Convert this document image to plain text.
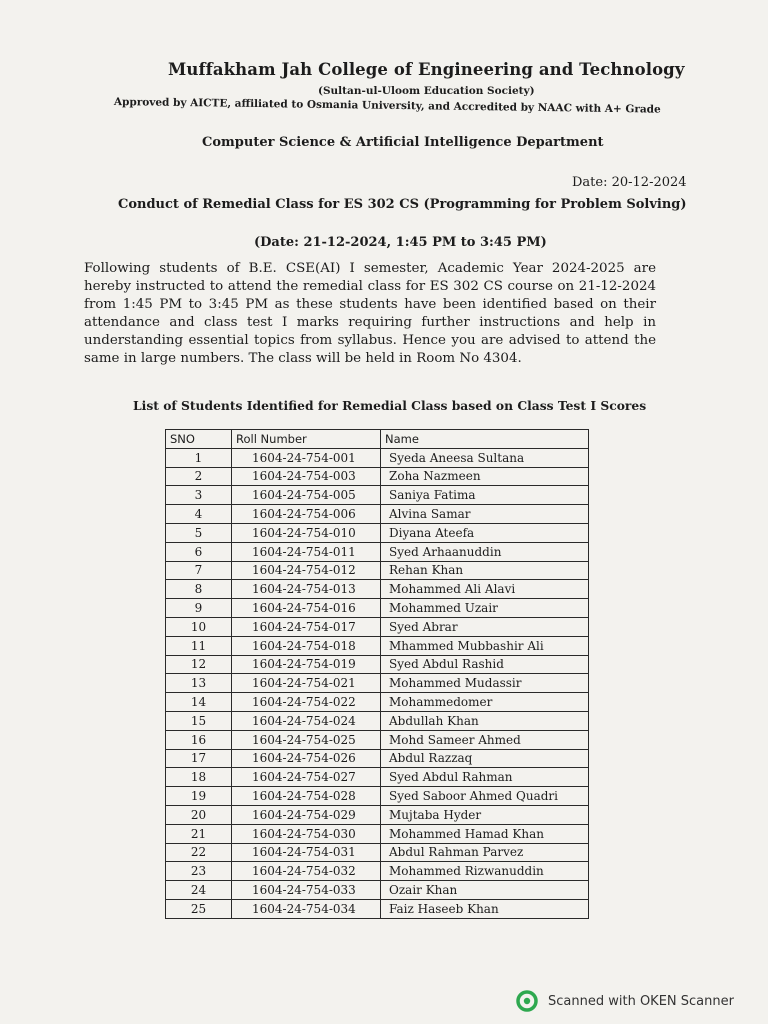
Muffakham Jah College of Engineering and Technology
(Sultan-ul-Uloom Education Society)
Approved by AICTE, affiliated to Osmania University, and Accredited by NAAC with A+ Grade
Computer Science & Artificial Intelligence Department
Date: 20-12-2024
Conduct of Remedial Class for ES 302 CS (Programming for Problem Solving)
(Date: 21-12-2024, 1:45 PM to 3:45 PM)

Following students of B.E. CSE(AI) I semester, Academic Year 2024-2025 are hereby instructed to attend the remedial class for ES 302 CS course on 21-12-2024 from 1:45 PM to 3:45 PM as these students have been identified based on their attendance and class test I marks requiring further instructions and help in understanding essential topics from syllabus. Hence you are advised to attend the same in large numbers. The class will be held in Room No 4304.

List of Students Identified for Remedial Class based on Class Test I Scores
SNO	Roll Number	Name
1	1604-24-754-001	Syeda Aneesa Sultana
2	1604-24-754-003	Zoha Nazmeen
3	1604-24-754-005	Saniya Fatima
4	1604-24-754-006	Alvina Samar
5	1604-24-754-010	Diyana Ateefa
6	1604-24-754-011	Syed Arhaanuddin
7	1604-24-754-012	Rehan Khan
8	1604-24-754-013	Mohammed Ali Alavi
9	1604-24-754-016	Mohammed Uzair
10	1604-24-754-017	Syed Abrar
11	1604-24-754-018	Mhammed Mubbashir Ali
12	1604-24-754-019	Syed Abdul Rashid
13	1604-24-754-021	Mohammed Mudassir
14	1604-24-754-022	Mohammedomer
15	1604-24-754-024	Abdullah Khan
16	1604-24-754-025	Mohd Sameer Ahmed
17	1604-24-754-026	Abdul Razzaq
18	1604-24-754-027	Syed Abdul Rahman
19	1604-24-754-028	Syed Saboor Ahmed Quadri
20	1604-24-754-029	Mujtaba Hyder
21	1604-24-754-030	Mohammed Hamad Khan
22	1604-24-754-031	Abdul Rahman Parvez
23	1604-24-754-032	Mohammed Rizwanuddin
24	1604-24-754-033	Ozair Khan
25	1604-24-754-034	Faiz Haseeb Khan
Scanned with OKEN Scanner
